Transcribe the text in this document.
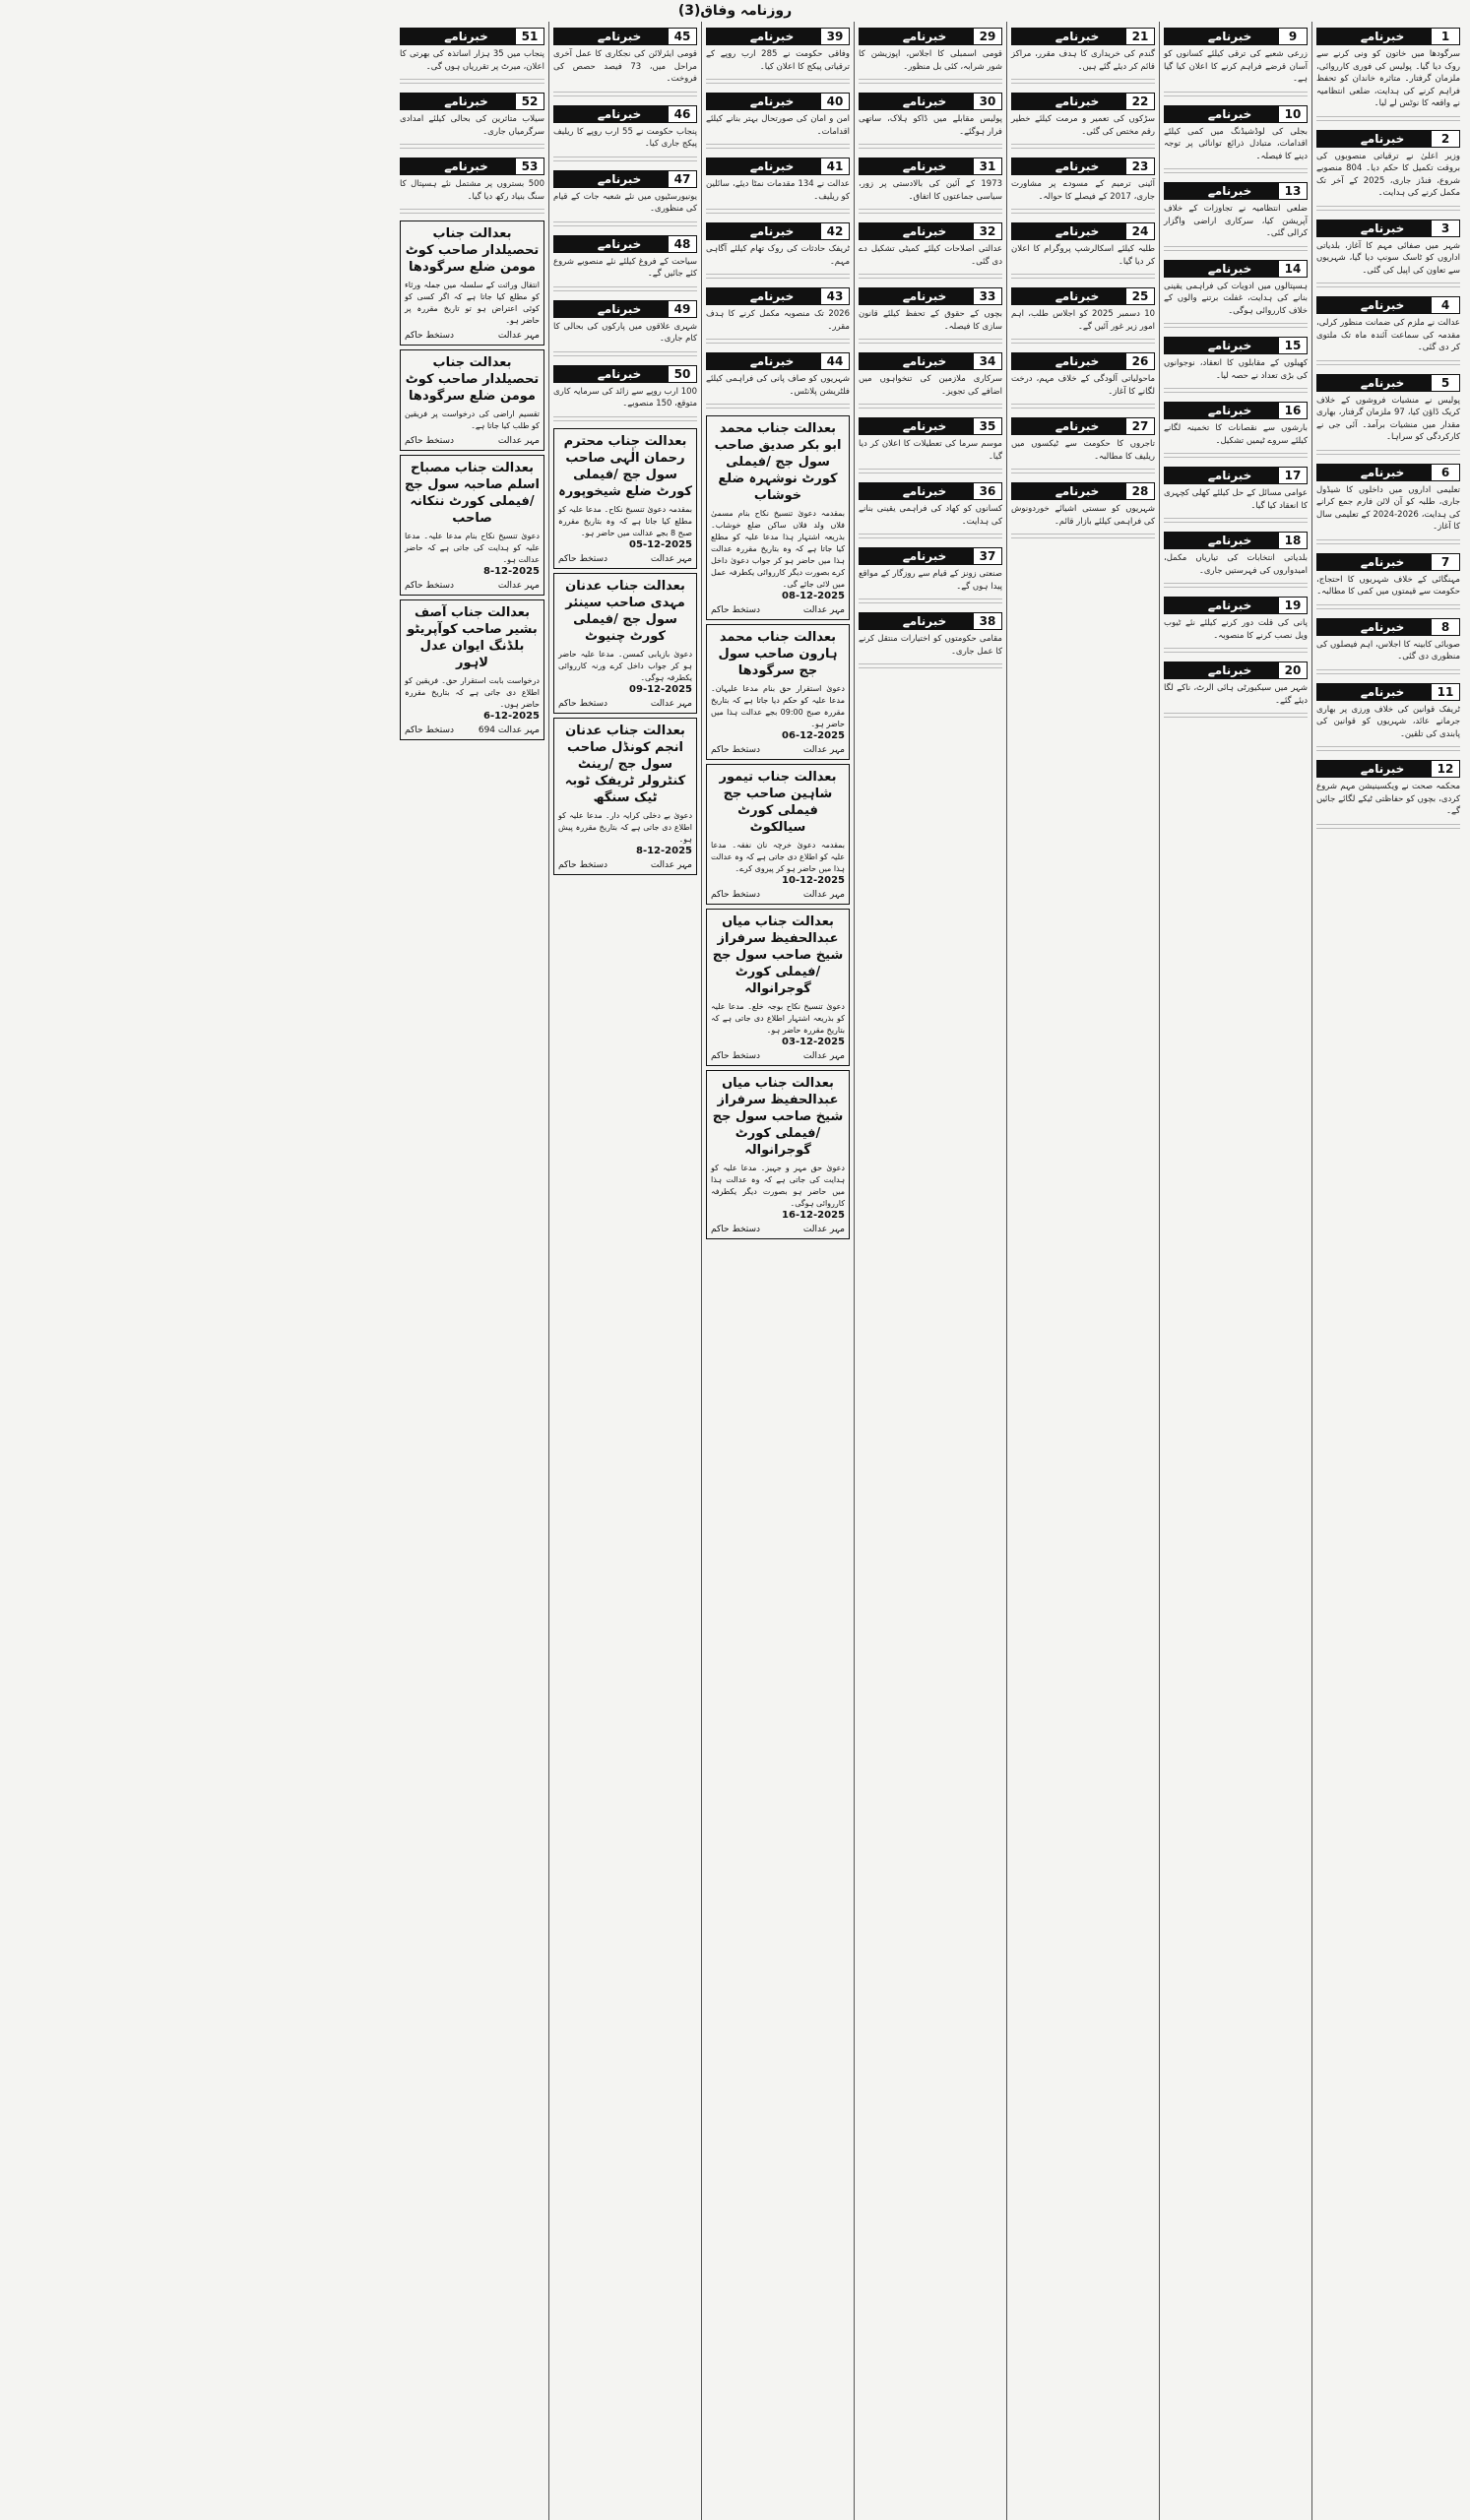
روزنامہ وفاق(3)
1
خبرنامے
سرگودھا میں خاتون کو ونی کرنے سے روک دیا گیا۔ پولیس کی فوری کارروائی، ملزمان گرفتار۔ متاثرہ خاندان کو تحفظ فراہم کرنے کی ہدایت، ضلعی انتظامیہ نے واقعہ کا نوٹس لے لیا۔
2
خبرنامے
وزیر اعلیٰ نے ترقیاتی منصوبوں کی بروقت تکمیل کا حکم دیا۔ 804 منصوبے شروع، فنڈز جاری، 2025 کے آخر تک مکمل کرنے کی ہدایت۔
3
خبرنامے
شہر میں صفائی مہم کا آغاز، بلدیاتی اداروں کو ٹاسک سونپ دیا گیا، شہریوں سے تعاون کی اپیل کی گئی۔
4
خبرنامے
عدالت نے ملزم کی ضمانت منظور کرلی، مقدمہ کی سماعت آئندہ ماہ تک ملتوی کر دی گئی۔
5
خبرنامے
پولیس نے منشیات فروشوں کے خلاف کریک ڈاؤن کیا، 97 ملزمان گرفتار، بھاری مقدار میں منشیات برآمد۔ آئی جی نے کارکردگی کو سراہا۔
6
خبرنامے
تعلیمی اداروں میں داخلوں کا شیڈول جاری، طلبہ کو آن لائن فارم جمع کرانے کی ہدایت، 2026-2024 کے تعلیمی سال کا آغاز۔
7
خبرنامے
مہنگائی کے خلاف شہریوں کا احتجاج، حکومت سے قیمتوں میں کمی کا مطالبہ۔
8
خبرنامے
صوبائی کابینہ کا اجلاس، اہم فیصلوں کی منظوری دی گئی۔
11
خبرنامے
ٹریفک قوانین کی خلاف ورزی پر بھاری جرمانے عائد، شہریوں کو قوانین کی پابندی کی تلقین۔
12
خبرنامے
محکمہ صحت نے ویکسینیشن مہم شروع کردی، بچوں کو حفاظتی ٹیکے لگائے جائیں گے۔
9
خبرنامے
زرعی شعبے کی ترقی کیلئے کسانوں کو آسان قرضے فراہم کرنے کا اعلان کیا گیا ہے۔
10
خبرنامے
بجلی کی لوڈشیڈنگ میں کمی کیلئے اقدامات، متبادل ذرائع توانائی پر توجہ دینے کا فیصلہ۔
13
خبرنامے
ضلعی انتظامیہ نے تجاوزات کے خلاف آپریشن کیا، سرکاری اراضی واگزار کرالی گئی۔
14
خبرنامے
ہسپتالوں میں ادویات کی فراہمی یقینی بنانے کی ہدایت، غفلت برتنے والوں کے خلاف کارروائی ہوگی۔
15
خبرنامے
کھیلوں کے مقابلوں کا انعقاد، نوجوانوں کی بڑی تعداد نے حصہ لیا۔
16
خبرنامے
بارشوں سے نقصانات کا تخمینہ لگانے کیلئے سروے ٹیمیں تشکیل۔
17
خبرنامے
عوامی مسائل کے حل کیلئے کھلی کچہری کا انعقاد کیا گیا۔
18
خبرنامے
بلدیاتی انتخابات کی تیاریاں مکمل، امیدواروں کی فہرستیں جاری۔
19
خبرنامے
پانی کی قلت دور کرنے کیلئے نئے ٹیوب ویل نصب کرنے کا منصوبہ۔
20
خبرنامے
شہر میں سیکیورٹی ہائی الرٹ، ناکے لگا دیئے گئے۔
21
خبرنامے
گندم کی خریداری کا ہدف مقرر، مراکز قائم کر دیئے گئے ہیں۔
22
خبرنامے
سڑکوں کی تعمیر و مرمت کیلئے خطیر رقم مختص کی گئی۔
23
خبرنامے
آئینی ترمیم کے مسودے پر مشاورت جاری، 2017 کے فیصلے کا حوالہ۔
24
خبرنامے
طلبہ کیلئے اسکالرشپ پروگرام کا اعلان کر دیا گیا۔
25
خبرنامے
10 دسمبر 2025 کو اجلاس طلب، اہم امور زیر غور آئیں گے۔
26
خبرنامے
ماحولیاتی آلودگی کے خلاف مہم، درخت لگانے کا آغاز۔
27
خبرنامے
تاجروں کا حکومت سے ٹیکسوں میں ریلیف کا مطالبہ۔
28
خبرنامے
شہریوں کو سستی اشیائے خوردونوش کی فراہمی کیلئے بازار قائم۔
29
خبرنامے
قومی اسمبلی کا اجلاس، اپوزیشن کا شور شرابہ، کئی بل منظور۔
30
خبرنامے
پولیس مقابلے میں ڈاکو ہلاک، ساتھی فرار ہوگئے۔
31
خبرنامے
1973 کے آئین کی بالادستی پر زور، سیاسی جماعتوں کا اتفاق۔
32
خبرنامے
عدالتی اصلاحات کیلئے کمیٹی تشکیل دے دی گئی۔
33
خبرنامے
بچوں کے حقوق کے تحفظ کیلئے قانون سازی کا فیصلہ۔
34
خبرنامے
سرکاری ملازمین کی تنخواہوں میں اضافے کی تجویز۔
35
خبرنامے
موسم سرما کی تعطیلات کا اعلان کر دیا گیا۔
36
خبرنامے
کسانوں کو کھاد کی فراہمی یقینی بنانے کی ہدایت۔
37
خبرنامے
صنعتی زونز کے قیام سے روزگار کے مواقع پیدا ہوں گے۔
38
خبرنامے
مقامی حکومتوں کو اختیارات منتقل کرنے کا عمل جاری۔
39
خبرنامے
وفاقی حکومت نے 285 ارب روپے کے ترقیاتی پیکج کا اعلان کیا۔
40
خبرنامے
امن و امان کی صورتحال بہتر بنانے کیلئے اقدامات۔
41
خبرنامے
عدالت نے 134 مقدمات نمٹا دیئے، سائلین کو ریلیف۔
42
خبرنامے
ٹریفک حادثات کی روک تھام کیلئے آگاہی مہم۔
43
خبرنامے
2026 تک منصوبہ مکمل کرنے کا ہدف مقرر۔
44
خبرنامے
شہریوں کو صاف پانی کی فراہمی کیلئے فلٹریشن پلانٹس۔
بعدالت جناب محمد ابو بکر صدیق صاحب سول جج /فیملی کورٹ نوشہرہ ضلع خوشاب
بمقدمہ دعویٰ تنسیخ نکاح بنام مسمیٰ فلاں ولد فلاں ساکن ضلع خوشاب۔ بذریعہ اشتہار ہذا مدعا علیہ کو مطلع کیا جاتا ہے کہ وہ بتاریخ مقررہ عدالت ہذا میں حاضر ہو کر جواب دعویٰ داخل کرے بصورت دیگر کارروائی یکطرفہ عمل میں لائی جائے گی۔
08-12-2025
مہر عدالت
دستخط حاکم
بعدالت جناب محمد ہارون صاحب سول جج سرگودھا
دعویٰ استقرار حق بنام مدعا علیہان۔ مدعا علیہ کو حکم دیا جاتا ہے کہ بتاریخ مقررہ صبح 09:00 بجے عدالت ہذا میں حاضر ہو۔
06-12-2025
مہر عدالت
دستخط حاکم
بعدالت جناب تیمور شاہین صاحب جج فیملی کورٹ سیالکوٹ
بمقدمہ دعویٰ خرچہ نان نفقہ۔ مدعا علیہ کو اطلاع دی جاتی ہے کہ وہ عدالت ہذا میں حاضر ہو کر پیروی کرے۔
10-12-2025
مہر عدالت
دستخط حاکم
بعدالت جناب میاں عبدالحفیظ سرفراز شیخ صاحب سول جج /فیملی کورٹ گوجرانوالہ
دعویٰ تنسیخ نکاح بوجہ خلع۔ مدعا علیہ کو بذریعہ اشتہار اطلاع دی جاتی ہے کہ بتاریخ مقررہ حاضر ہو۔
03-12-2025
مہر عدالت
دستخط حاکم
بعدالت جناب میاں عبدالحفیظ سرفراز شیخ صاحب سول جج /فیملی کورٹ گوجرانوالہ
دعویٰ حق مہر و جہیز۔ مدعا علیہ کو ہدایت کی جاتی ہے کہ وہ عدالت ہذا میں حاضر ہو بصورت دیگر یکطرفہ کارروائی ہوگی۔
16-12-2025
مہر عدالت
دستخط حاکم
45
خبرنامے
قومی ایئرلائن کی نجکاری کا عمل آخری مراحل میں، 73 فیصد حصص کی فروخت۔
46
خبرنامے
پنجاب حکومت نے 55 ارب روپے کا ریلیف پیکج جاری کیا۔
47
خبرنامے
یونیورسٹیوں میں نئے شعبہ جات کے قیام کی منظوری۔
48
خبرنامے
سیاحت کے فروغ کیلئے نئے منصوبے شروع کئے جائیں گے۔
49
خبرنامے
شہری علاقوں میں پارکوں کی بحالی کا کام جاری۔
50
خبرنامے
100 ارب روپے سے زائد کی سرمایہ کاری متوقع، 150 منصوبے۔
بعدالت جناب محترم رحمان الٰہی صاحب سول جج /فیملی کورٹ ضلع شیخوپورہ
بمقدمہ دعویٰ تنسیخ نکاح۔ مدعا علیہ کو مطلع کیا جاتا ہے کہ وہ بتاریخ مقررہ صبح 8 بجے عدالت میں حاضر ہو۔
05-12-2025
مہر عدالت
دستخط حاکم
بعدالت جناب عدنان مہدی صاحب سینئر سول جج /فیملی کورٹ چنیوٹ
دعویٰ بازیابی کمسن۔ مدعا علیہ حاضر ہو کر جواب داخل کرے ورنہ کارروائی یکطرفہ ہوگی۔
09-12-2025
مہر عدالت
دستخط حاکم
بعدالت جناب عدنان انجم کونڈل صاحب سول جج /رینٹ کنٹرولر ٹریفک ٹوبہ ٹیک سنگھ
دعویٰ بے دخلی کرایہ دار۔ مدعا علیہ کو اطلاع دی جاتی ہے کہ بتاریخ مقررہ پیش ہو۔
8-12-2025
مہر عدالت
دستخط حاکم
51
خبرنامے
پنجاب میں 35 ہزار اساتذہ کی بھرتی کا اعلان، میرٹ پر تقرریاں ہوں گی۔
52
خبرنامے
سیلاب متاثرین کی بحالی کیلئے امدادی سرگرمیاں جاری۔
53
خبرنامے
500 بستروں پر مشتمل نئے ہسپتال کا سنگ بنیاد رکھ دیا گیا۔
بعدالت جناب تحصیلدار صاحب کوٹ مومن ضلع سرگودھا
انتقال وراثت کے سلسلہ میں جملہ ورثاء کو مطلع کیا جاتا ہے کہ اگر کسی کو کوئی اعتراض ہو تو تاریخ مقررہ پر حاضر ہو۔
مہر عدالت
دستخط حاکم
بعدالت جناب تحصیلدار صاحب کوٹ مومن ضلع سرگودھا
تقسیم اراضی کی درخواست پر فریقین کو طلب کیا جاتا ہے۔
مہر عدالت
دستخط حاکم
بعدالت جناب مصباح اسلم صاحبہ سول جج /فیملی کورٹ ننکانہ صاحب
دعویٰ تنسیخ نکاح بنام مدعا علیہ۔ مدعا علیہ کو ہدایت کی جاتی ہے کہ حاضر عدالت ہو۔
8-12-2025
مہر عدالت
دستخط حاکم
بعدالت جناب آصف بشیر صاحب کوآپریٹو بلڈنگ ایوان عدل لاہور
درخواست بابت استقرار حق۔ فریقین کو اطلاع دی جاتی ہے کہ بتاریخ مقررہ حاضر ہوں۔
6-12-2025
مہر عدالت 694
دستخط حاکم
